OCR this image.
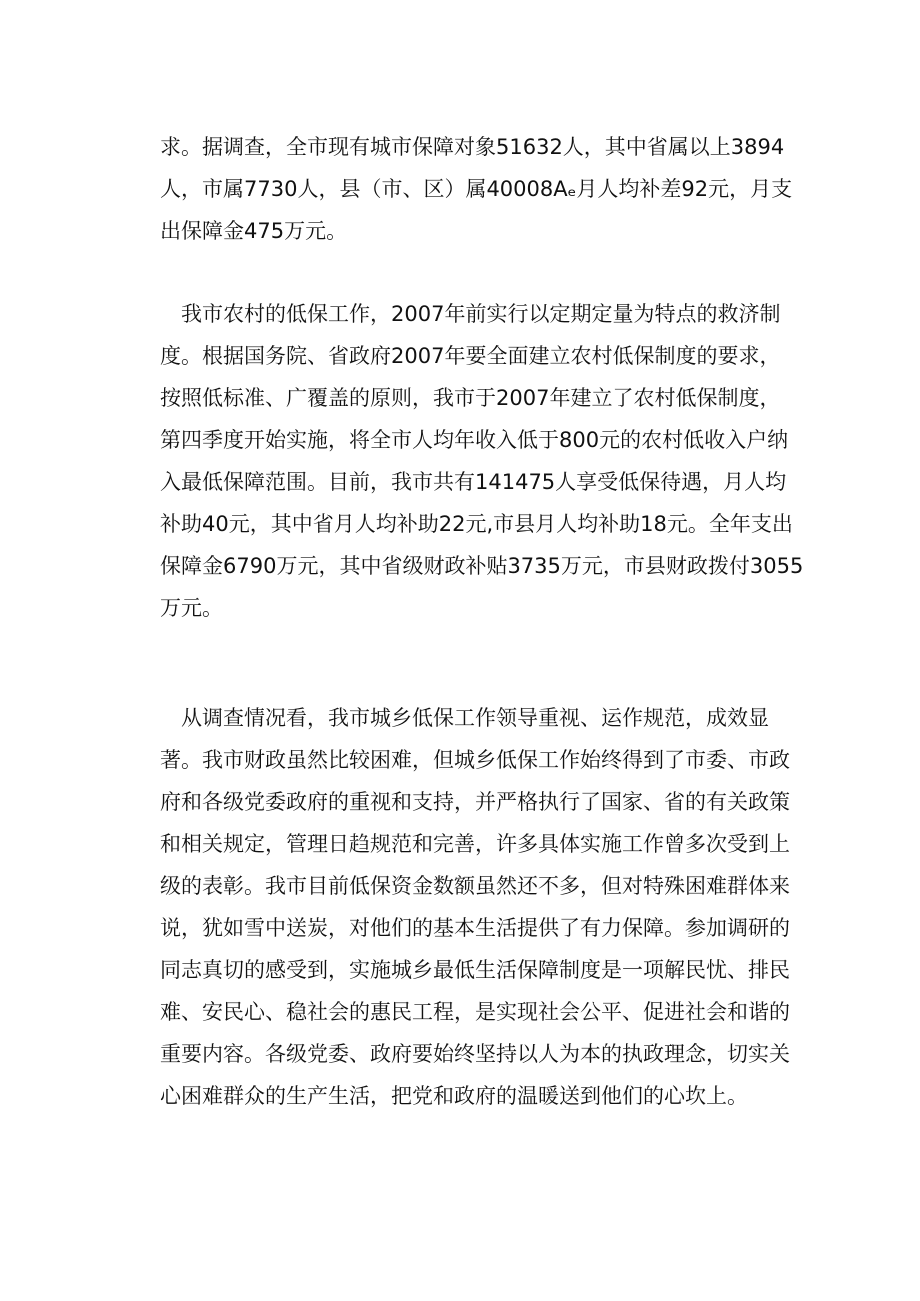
求。据调查，全市现有城市保障对象51632人，其中省属以上3894
人，市属7730人，县（市、区）属40008Aₑ月人均补差92元，月支
出保障金475万元。

　我市农村的低保工作，2007年前实行以定期定量为特点的救济制
度。根据国务院、省政府2007年要全面建立农村低保制度的要求，
按照低标准、广覆盖的原则，我市于2007年建立了农村低保制度，
第四季度开始实施，将全市人均年收入低于800元的农村低收入户纳
入最低保障范围。目前，我市共有141475人享受低保待遇，月人均
补助40元，其中省月人均补助22元,市县月人均补助18元。全年支出
保障金6790万元，其中省级财政补贴3735万元，市县财政拨付3055
万元。

　从调查情况看，我市城乡低保工作领导重视、运作规范，成效显
著。我市财政虽然比较困难，但城乡低保工作始终得到了市委、市政
府和各级党委政府的重视和支持，并严格执行了国家、省的有关政策
和相关规定，管理日趋规范和完善，许多具体实施工作曾多次受到上
级的表彰。我市目前低保资金数额虽然还不多，但对特殊困难群体来
说，犹如雪中送炭，对他们的基本生活提供了有力保障。参加调研的
同志真切的感受到，实施城乡最低生活保障制度是一项解民忧、排民
难、安民心、稳社会的惠民工程，是实现社会公平、促进社会和谐的
重要内容。各级党委、政府要始终坚持以人为本的执政理念，切实关
心困难群众的生产生活，把党和政府的温暖送到他们的心坎上。
